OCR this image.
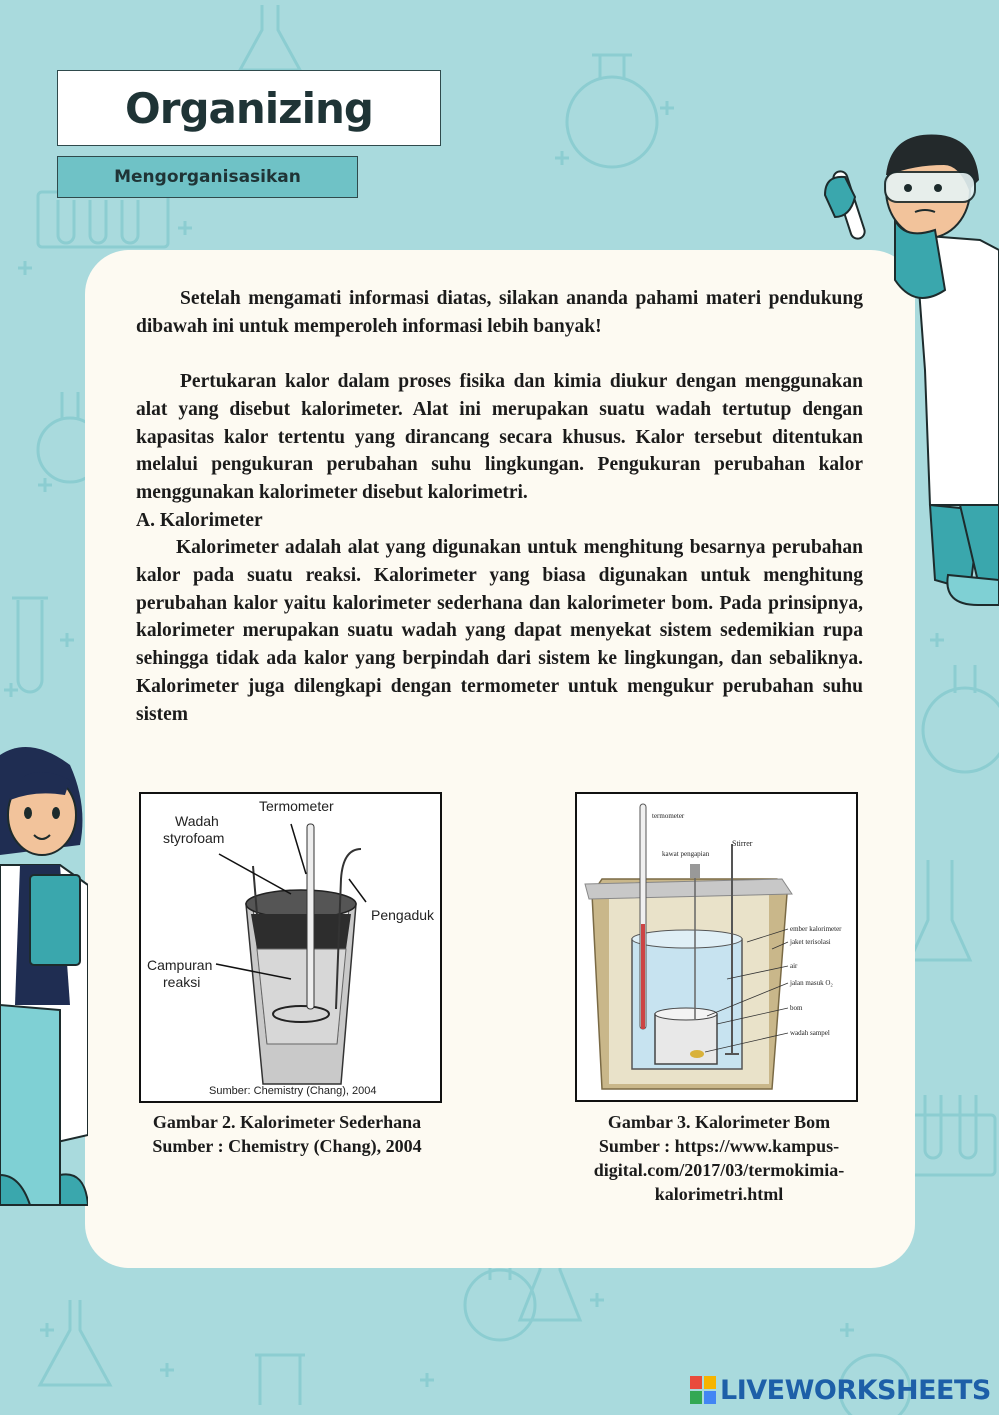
Organizing
Mengorganisasikan

Setelah mengamati informasi diatas, silakan ananda pahami materi pendukung dibawah ini untuk memperoleh informasi lebih banyak!

Pertukaran kalor dalam proses fisika dan kimia diukur dengan menggunakan alat yang disebut kalorimeter. Alat ini merupakan suatu wadah tertutup dengan kapasitas kalor tertentu yang dirancang secara khusus. Kalor tersebut ditentukan melalui pengukuran perubahan suhu lingkungan. Pengukuran perubahan kalor menggunakan kalorimeter disebut kalorimetri.

A. Kalorimeter

Kalorimeter adalah alat yang digunakan untuk menghitung besarnya perubahan kalor pada suatu reaksi. Kalorimeter yang biasa digunakan untuk menghitung perubahan kalor yaitu kalorimeter sederhana dan kalorimeter bom. Pada prinsipnya, kalorimeter merupakan suatu wadah yang dapat menyekat sistem sedemikian rupa sehingga tidak ada kalor yang berpindah dari sistem ke lingkungan, dan sebaliknya. Kalorimeter juga dilengkapi dengan termometer untuk mengukur perubahan suhu sistem

Termometer
Wadah
styrofoam
Pengaduk
Campuran
reaksi
Sumber: Chemistry (Chang), 2004
termometer
kawat pengapian
Stirrer
ember kalorimeter
jaket terisolasi
air
jalan masuk O₂
bom
wadah sampel
Gambar 2. Kalorimeter Sederhana
Sumber : Chemistry (Chang), 2004
Gambar 3. Kalorimeter Bom
Sumber : https://www.kampus-
digital.com/2017/03/termokimia-
kalorimetri.html
LIVEWORKSHEETS
